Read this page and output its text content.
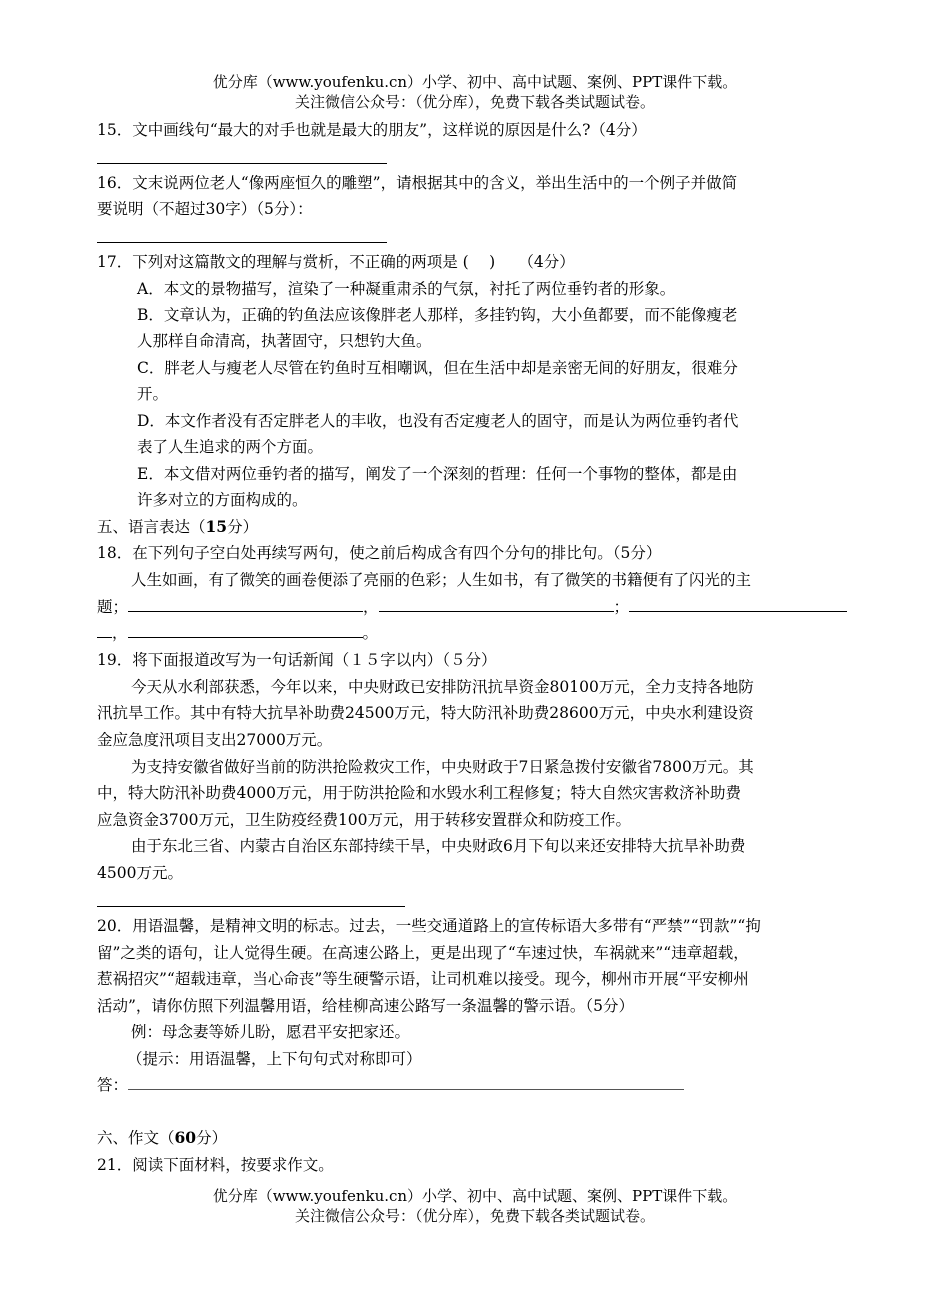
优分库（www.youfenku.cn）小学、初中、高中试题、案例、PPT课件下载。
关注微信公众号：（优分库），免费下载各类试题试卷。
15．文中画线句“最大的对手也就是最大的朋友”，这样说的原因是什么?（4分）
16．文末说两位老人“像两座恒久的雕塑”，请根据其中的含义，举出生活中的一个例子并做简
要说明（不超过30字）（5分）：
17．下列对这篇散文的理解与赏析，不正确的两项是 (　 )　　（4分）
A．本文的景物描写，渲染了一种凝重肃杀的气氛，衬托了两位垂钓者的形象。
B．文章认为，正确的钓鱼法应该像胖老人那样，多挂钓钩，大小鱼都要，而不能像瘦老
人那样自命清高，执著固守，只想钓大鱼。
C．胖老人与瘦老人尽管在钓鱼时互相嘲讽，但在生活中却是亲密无间的好朋友，很难分
开。
D．本文作者没有否定胖老人的丰收，也没有否定瘦老人的固守，而是认为两位垂钓者代
表了人生追求的两个方面。
E．本文借对两位垂钓者的描写，阐发了一个深刻的哲理：任何一个事物的整体，都是由
许多对立的方面构成的。
五、语言表达（15分）
18．在下列句子空白处再续写两句，使之前后构成含有四个分句的排比句。（5分）
人生如画，有了微笑的画卷便添了亮丽的色彩；人生如书，有了微笑的书籍便有了闪光的主
题；	，	；
，	。
19．将下面报道改写为一句话新闻（１５字以内）（５分）
今天从水利部获悉，今年以来，中央财政已安排防汛抗旱资金80100万元，全力支持各地防
汛抗旱工作。其中有特大抗旱补助费24500万元，特大防汛补助费28600万元，中央水利建设资
金应急度汛项目支出27000万元。
为支持安徽省做好当前的防洪抢险救灾工作，中央财政于7日紧急拨付安徽省7800万元。其
中，特大防汛补助费4000万元，用于防洪抢险和水毁水利工程修复；特大自然灾害救济补助费
应急资金3700万元，卫生防疫经费100万元，用于转移安置群众和防疫工作。
由于东北三省、内蒙古自治区东部持续干旱，中央财政6月下旬以来还安排特大抗旱补助费
4500万元。
20．用语温馨，是精神文明的标志。过去，一些交通道路上的宣传标语大多带有“严禁”“罚款”“拘
留”之类的语句，让人觉得生硬。在高速公路上，更是出现了“车速过快，车祸就来”“违章超载，
惹祸招灾”“超载违章，当心命丧”等生硬警示语，让司机难以接受。现今，柳州市开展“平安柳州
活动”，请你仿照下列温馨用语，给桂柳高速公路写一条温馨的警示语。（5分）
例：母念妻等娇儿盼，愿君平安把家还。
（提示：用语温馨，上下句句式对称即可）
答：
六、作文（60分）
21．阅读下面材料，按要求作文。
优分库（www.youfenku.cn）小学、初中、高中试题、案例、PPT课件下载。
关注微信公众号：（优分库），免费下载各类试题试卷。
